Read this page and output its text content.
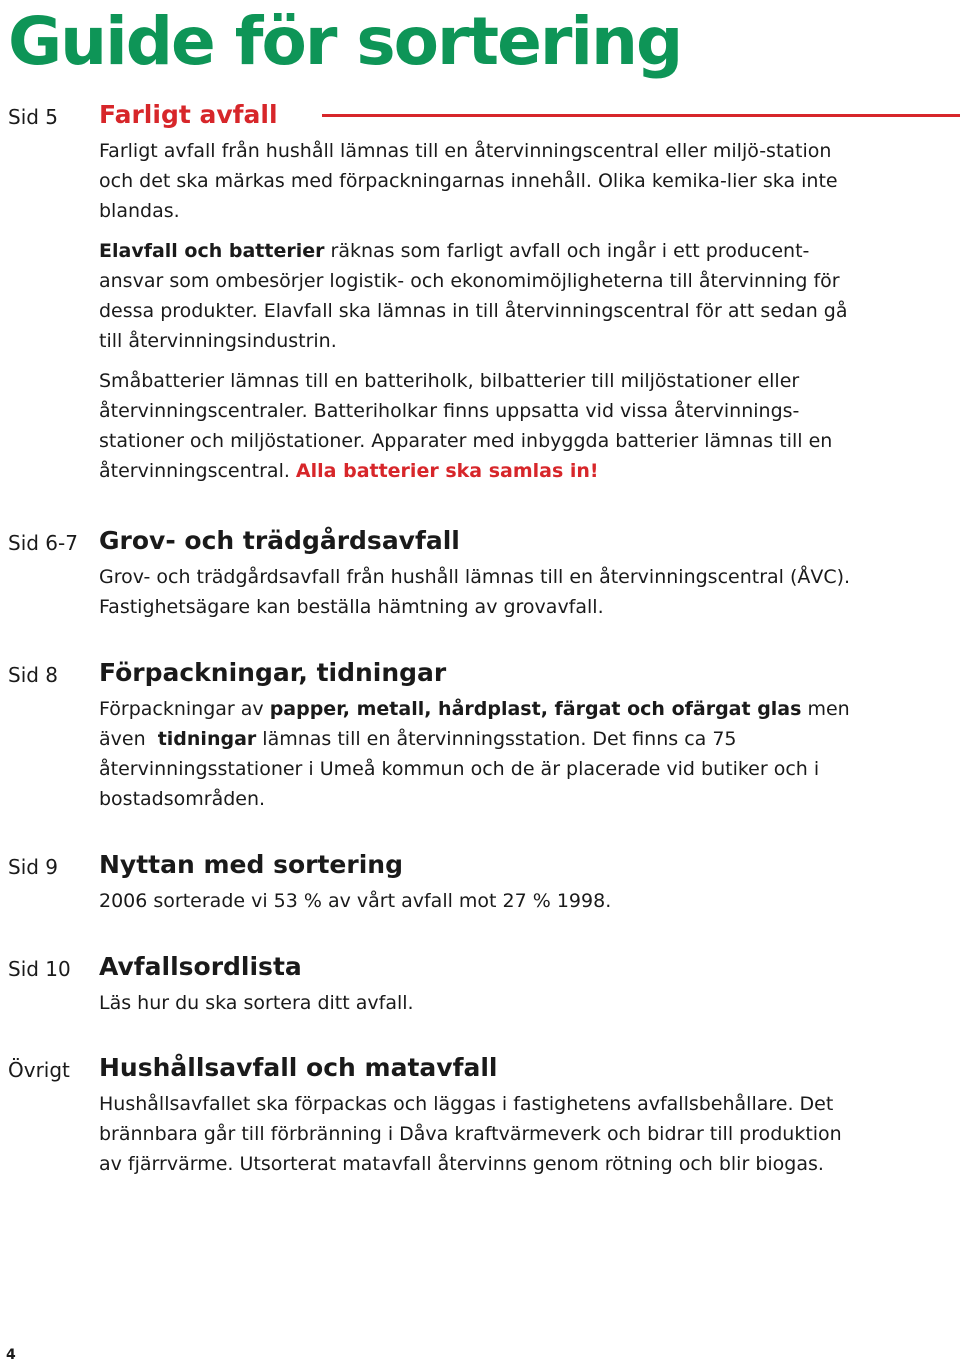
Guide för sortering
Sid 5 Farligt avfall

Farligt avfall från hushåll lämnas till en återvinningscentral eller miljö-station och det ska märkas med förpackningarnas innehåll. Olika kemika-lier ska inte blandas.

Elavfall och batterier räknas som farligt avfall och ingår i ett producent-ansvar som ombesörjer logistik- och ekonomimöjligheterna till återvinning för dessa produkter. Elavfall ska lämnas in till återvinningscentral för att sedan gå till återvinningsindustrin.

Småbatterier lämnas till en batteriholk, bilbatterier till miljöstationer eller återvinningscentraler. Batteriholkar finns uppsatta vid vissa återvinnings-stationer och miljöstationer. Apparater med inbyggda batterier lämnas till en återvinningscentral. Alla batterier ska samlas in!

Sid 6-7 Grov- och trädgårdsavfall

Grov- och trädgårdsavfall från hushåll lämnas till en återvinningscentral (ÅVC). Fastighetsägare kan beställa hämtning av grovavfall.

Sid 8 Förpackningar, tidningar

Förpackningar av papper, metall, hårdplast, färgat och ofärgat glas men även  tidningar lämnas till en återvinningsstation. Det finns ca 75 återvinningsstationer i Umeå kommun och de är placerade vid butiker och i bostadsområden.

Sid 9 Nyttan med sortering

2006 sorterade vi 53 % av vårt avfall mot 27 % 1998.

Sid 10 Avfallsordlista

Läs hur du ska sortera ditt avfall.

Övrigt Hushållsavfall och matavfall

Hushållsavfallet ska förpackas och läggas i fastighetens avfallsbehållare. Det brännbara går till förbränning i Dåva kraftvärmeverk och bidrar till produktion av fjärrvärme. Utsorterat matavfall återvinns genom rötning och blir biogas.

4
